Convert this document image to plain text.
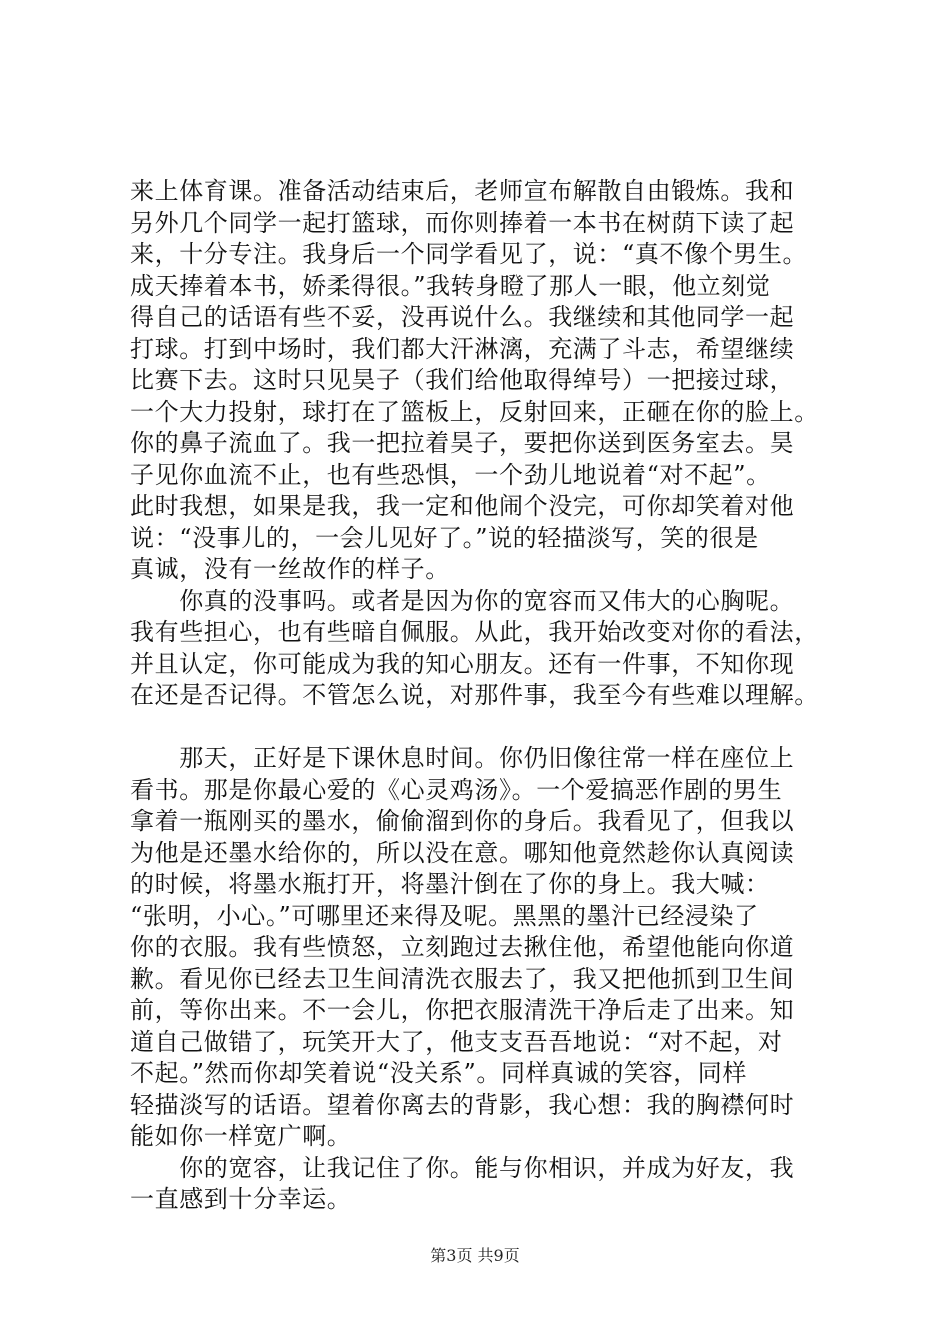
来上体育课。准备活动结束后，老师宣布解散自由锻炼。我和
另外几个同学一起打篮球，而你则捧着一本书在树荫下读了起
来，十分专注。我身后一个同学看见了，说：“真不像个男生。
成天捧着本书，娇柔得很。”我转身瞪了那人一眼，他立刻觉
得自己的话语有些不妥，没再说什么。我继续和其他同学一起
打球。打到中场时，我们都大汗淋漓，充满了斗志，希望继续
比赛下去。这时只见昊子（我们给他取得绰号）一把接过球，
一个大力投射，球打在了篮板上，反射回来，正砸在你的脸上。
你的鼻子流血了。我一把拉着昊子，要把你送到医务室去。昊
子见你血流不止，也有些恐惧，一个劲儿地说着“对不起”。
此时我想，如果是我，我一定和他闹个没完，可你却笑着对他
说：“没事儿的，一会儿见好了。”说的轻描淡写，笑的很是
真诚，没有一丝故作的样子。
　　你真的没事吗。或者是因为你的宽容而又伟大的心胸呢。
我有些担心，也有些暗自佩服。从此，我开始改变对你的看法，
并且认定，你可能成为我的知心朋友。还有一件事，不知你现
在还是否记得。不管怎么说，对那件事，我至今有些难以理解。
　　那天，正好是下课休息时间。你仍旧像往常一样在座位上
看书。那是你最心爱的《心灵鸡汤》。一个爱搞恶作剧的男生
拿着一瓶刚买的墨水，偷偷溜到你的身后。我看见了，但我以
为他是还墨水给你的，所以没在意。哪知他竟然趁你认真阅读
的时候，将墨水瓶打开，将墨汁倒在了你的身上。我大喊：
“张明，小心。”可哪里还来得及呢。黑黑的墨汁已经浸染了
你的衣服。我有些愤怒，立刻跑过去揪住他，希望他能向你道
歉。看见你已经去卫生间清洗衣服去了，我又把他抓到卫生间
前，等你出来。不一会儿，你把衣服清洗干净后走了出来。知
道自己做错了，玩笑开大了，他支支吾吾地说：“对不起，对
不起。”然而你却笑着说“没关系”。同样真诚的笑容，同样
轻描淡写的话语。望着你离去的背影，我心想：我的胸襟何时
能如你一样宽广啊。
　　你的宽容，让我记住了你。能与你相识，并成为好友，我
一直感到十分幸运。
第3页 共9页
